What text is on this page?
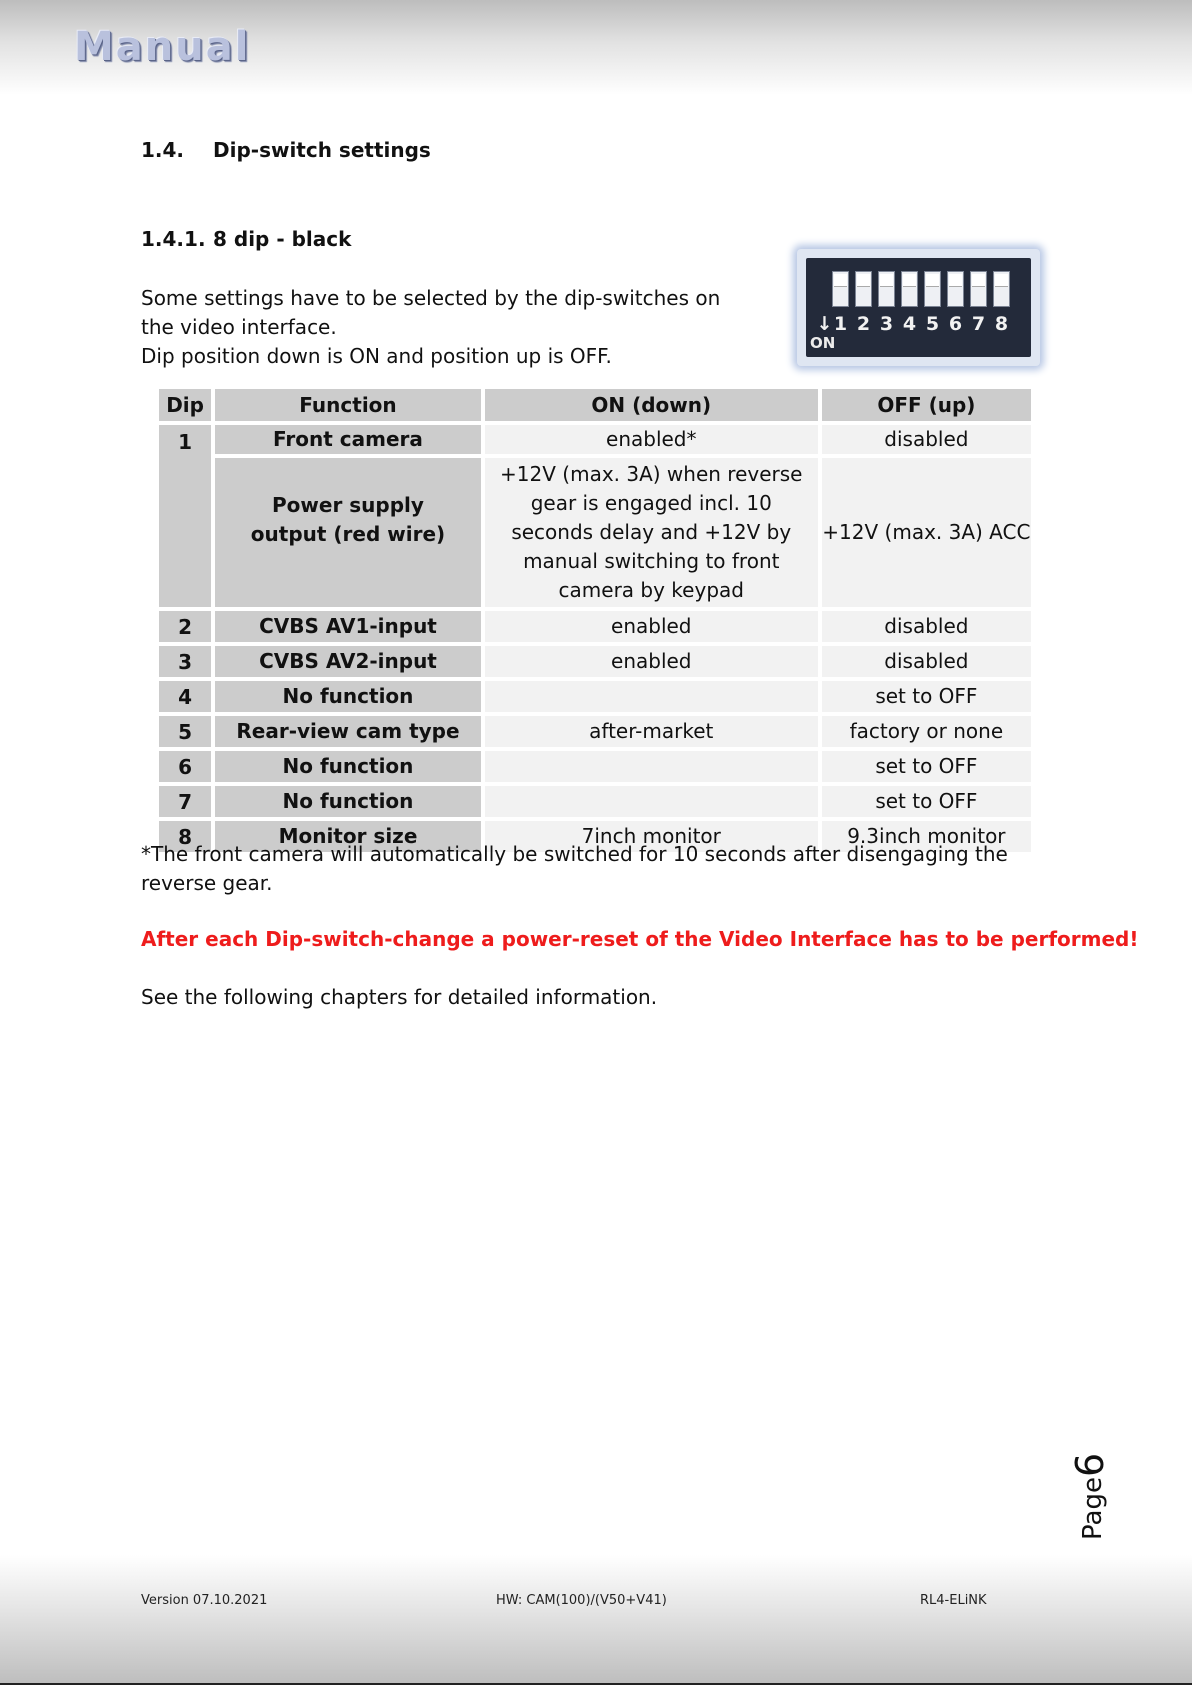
Manual
1.4. Dip-switch settings
1.4.1. 8 dip - black

Some settings have to be selected by the dip-switches on the video interface.

Dip position down is ON and position up is OFF.

↓ 1 2 3 4 5 6 7 8
ON
Dip	Function	ON (down)	OFF (up)
1	Front camera	enabled*	disabled
	Power supply output (red wire)	+12V (max. 3A) when reverse gear is engaged incl. 10 seconds delay and +12V by manual switching to front camera by keypad	+12V (max. 3A) ACC
2	CVBS AV1-input	enabled	disabled
3	CVBS AV2-input	enabled	disabled
4	No function		set to OFF
5	Rear-view cam type	after-market	factory or none
6	No function		set to OFF
7	No function		set to OFF
8	Monitor size	7inch monitor	9.3inch monitor
*The front camera will automatically be switched for 10 seconds after disengaging the reverse gear.
After each Dip-switch-change a power-reset of the Video Interface has to be performed!
See the following chapters for detailed information.
Page6
Version 07.10.2021	HW: CAM(100)/(V50+V41)	RL4-ELiNK
